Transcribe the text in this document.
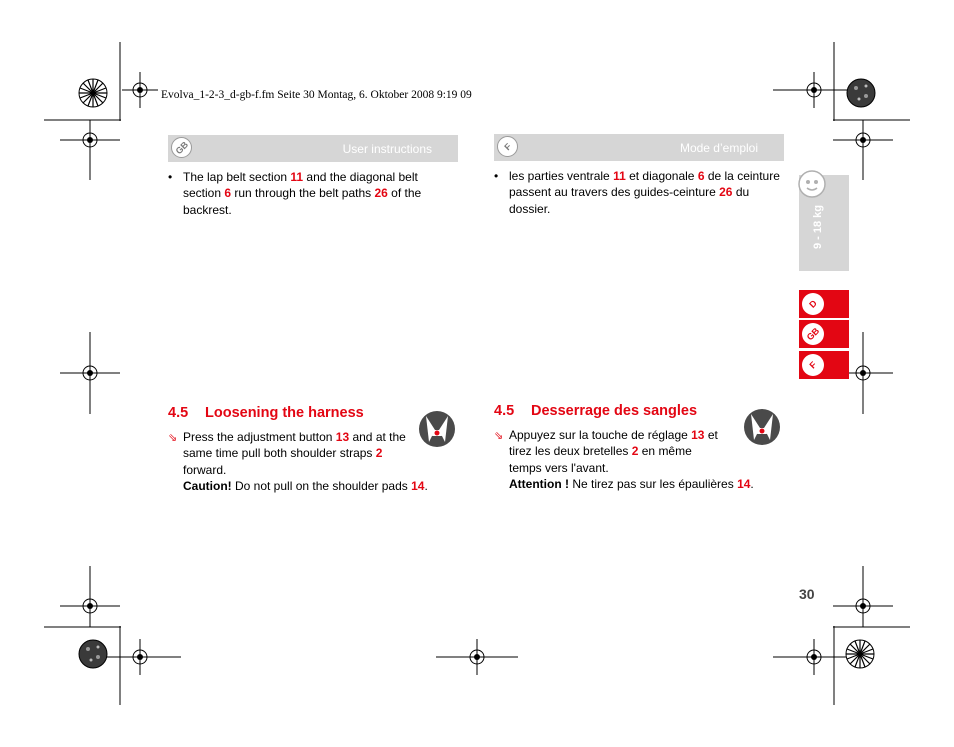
Evolva_1-2-3_d-gb-f.fm Seite 30 Montag, 6. Oktober 2008 9:19 09
GB	User instructions
• The lap belt section 11 and the diagonal belt section 6 run through the belt paths 26 of the backrest.
4.5 Loosening the harness
⇘ Press the adjustment button 13 and at the same time pull both shoulder straps 2 forward.
Caution! Do not pull on the shoulder pads 14.
F	Mode d’emploi
• les parties ventrale 11 et diagonale 6 de la ceinture passent au travers des guides-ceinture 26 du dossier.
4.5 Desserrage des sangles
⇘ Appuyez sur la touche de réglage 13 et tirez les deux bretelles 2 en même temps vers l'avant.
Attention ! Ne tirez pas sur les épaulières 14.
9 - 18 kg
D
GB
F
30
